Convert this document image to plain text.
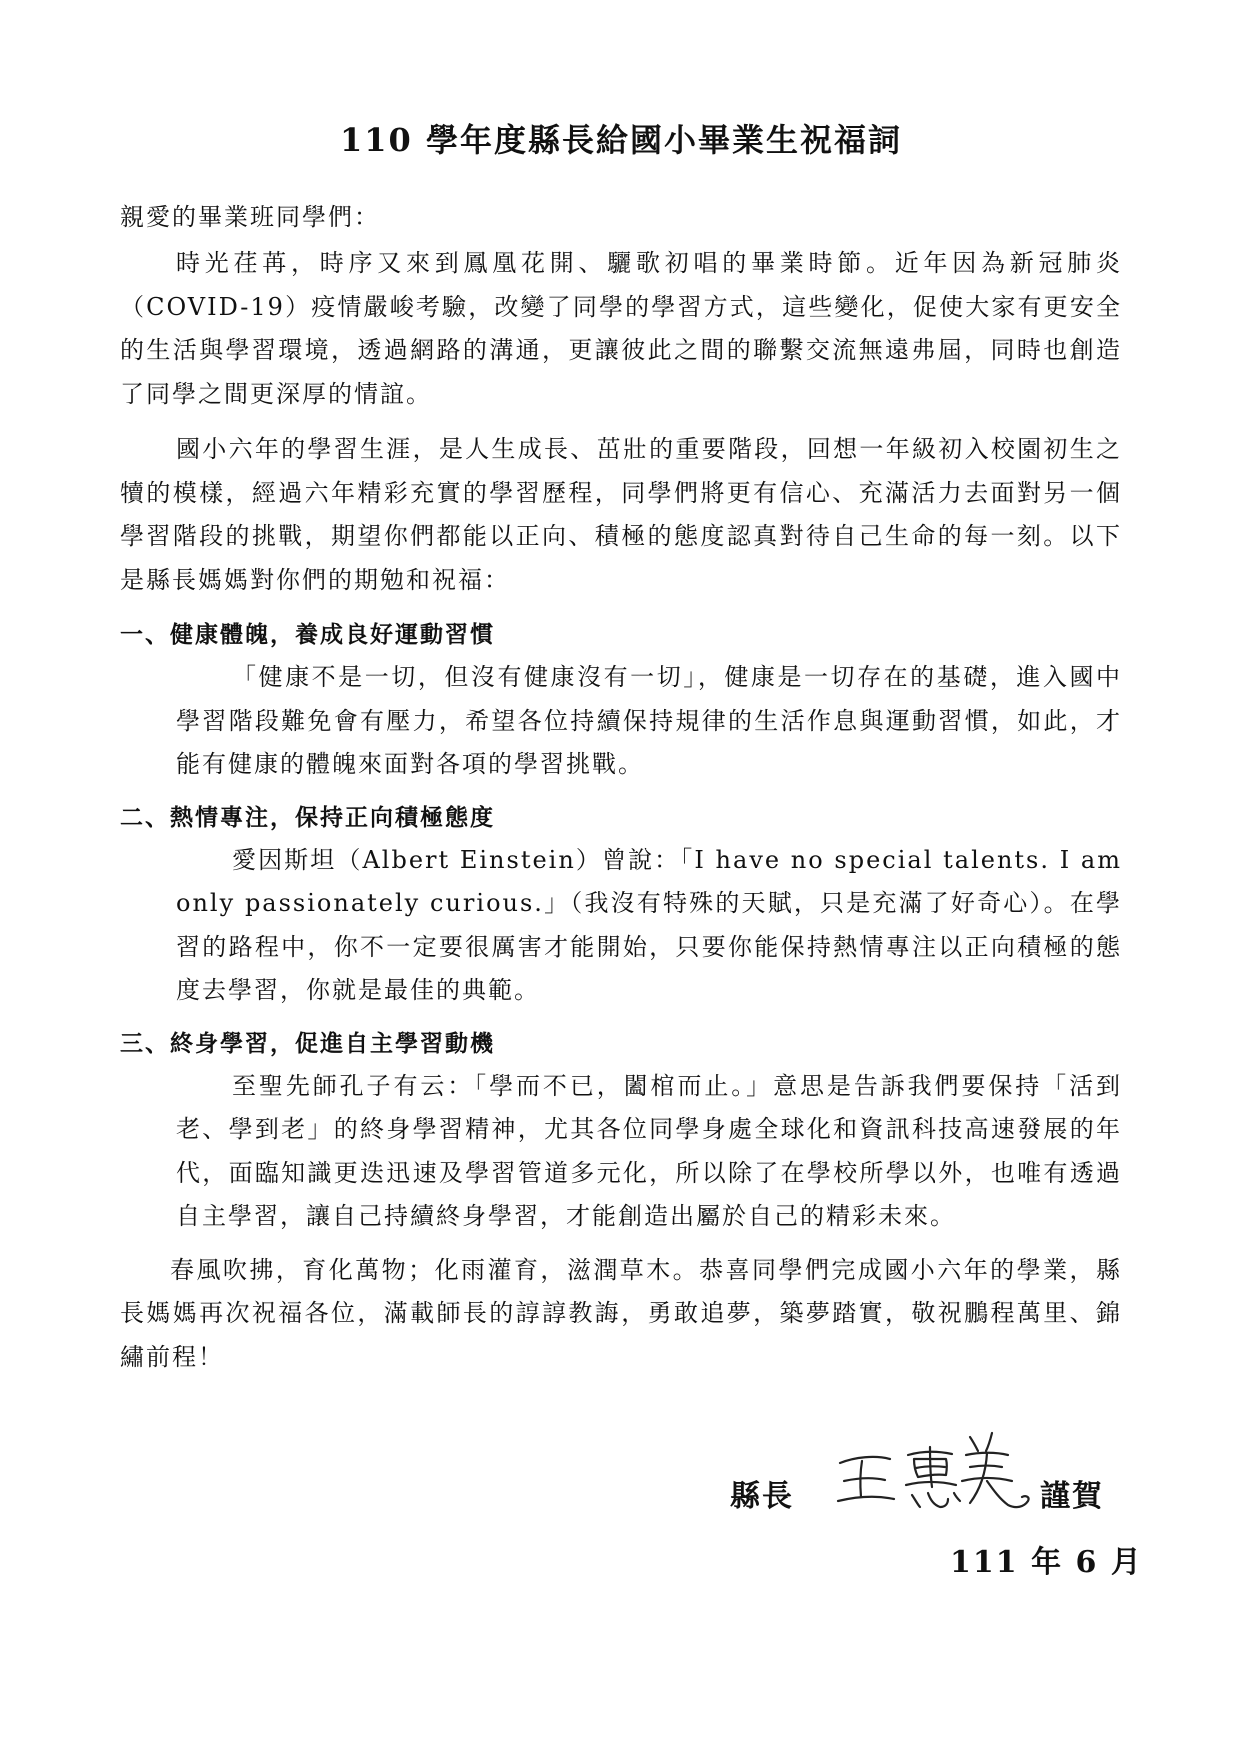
110 學年度縣長給國小畢業生祝福詞

親愛的畢業班同學們：

時光荏苒，時序又來到鳳凰花開、驪歌初唱的畢業時節。近年因為新冠肺炎（COVID-19）疫情嚴峻考驗，改變了同學的學習方式，這些變化，促使大家有更安全的生活與學習環境，透過網路的溝通，更讓彼此之間的聯繫交流無遠弗屆，同時也創造了同學之間更深厚的情誼。

國小六年的學習生涯，是人生成長、茁壯的重要階段，回想一年級初入校園初生之犢的模樣，經過六年精彩充實的學習歷程，同學們將更有信心、充滿活力去面對另一個學習階段的挑戰，期望你們都能以正向、積極的態度認真對待自己生命的每一刻。以下是縣長媽媽對你們的期勉和祝福：

一、健康體魄，養成良好運動習慣

「健康不是一切，但沒有健康沒有一切」，健康是一切存在的基礎，進入國中學習階段難免會有壓力，希望各位持續保持規律的生活作息與運動習慣，如此，才能有健康的體魄來面對各項的學習挑戰。

二、熱情專注，保持正向積極態度

愛因斯坦（Albert Einstein）曾說：「I have no special talents. I am only passionately curious.」（我沒有特殊的天賦，只是充滿了好奇心）。在學習的路程中，你不一定要很厲害才能開始，只要你能保持熱情專注以正向積極的態度去學習，你就是最佳的典範。

三、終身學習，促進自主學習動機

至聖先師孔子有云：「學而不已，闔棺而止。」意思是告訴我們要保持「活到老、學到老」的終身學習精神，尤其各位同學身處全球化和資訊科技高速發展的年代，面臨知識更迭迅速及學習管道多元化，所以除了在學校所學以外，也唯有透過自主學習，讓自己持續終身學習，才能創造出屬於自己的精彩未來。

春風吹拂，育化萬物；化雨灌育，滋潤草木。恭喜同學們完成國小六年的學業，縣長媽媽再次祝福各位，滿載師長的諄諄教誨，勇敢追夢，築夢踏實，敬祝鵬程萬里、錦繡前程！

縣長	謹賀
111 年 6 月
